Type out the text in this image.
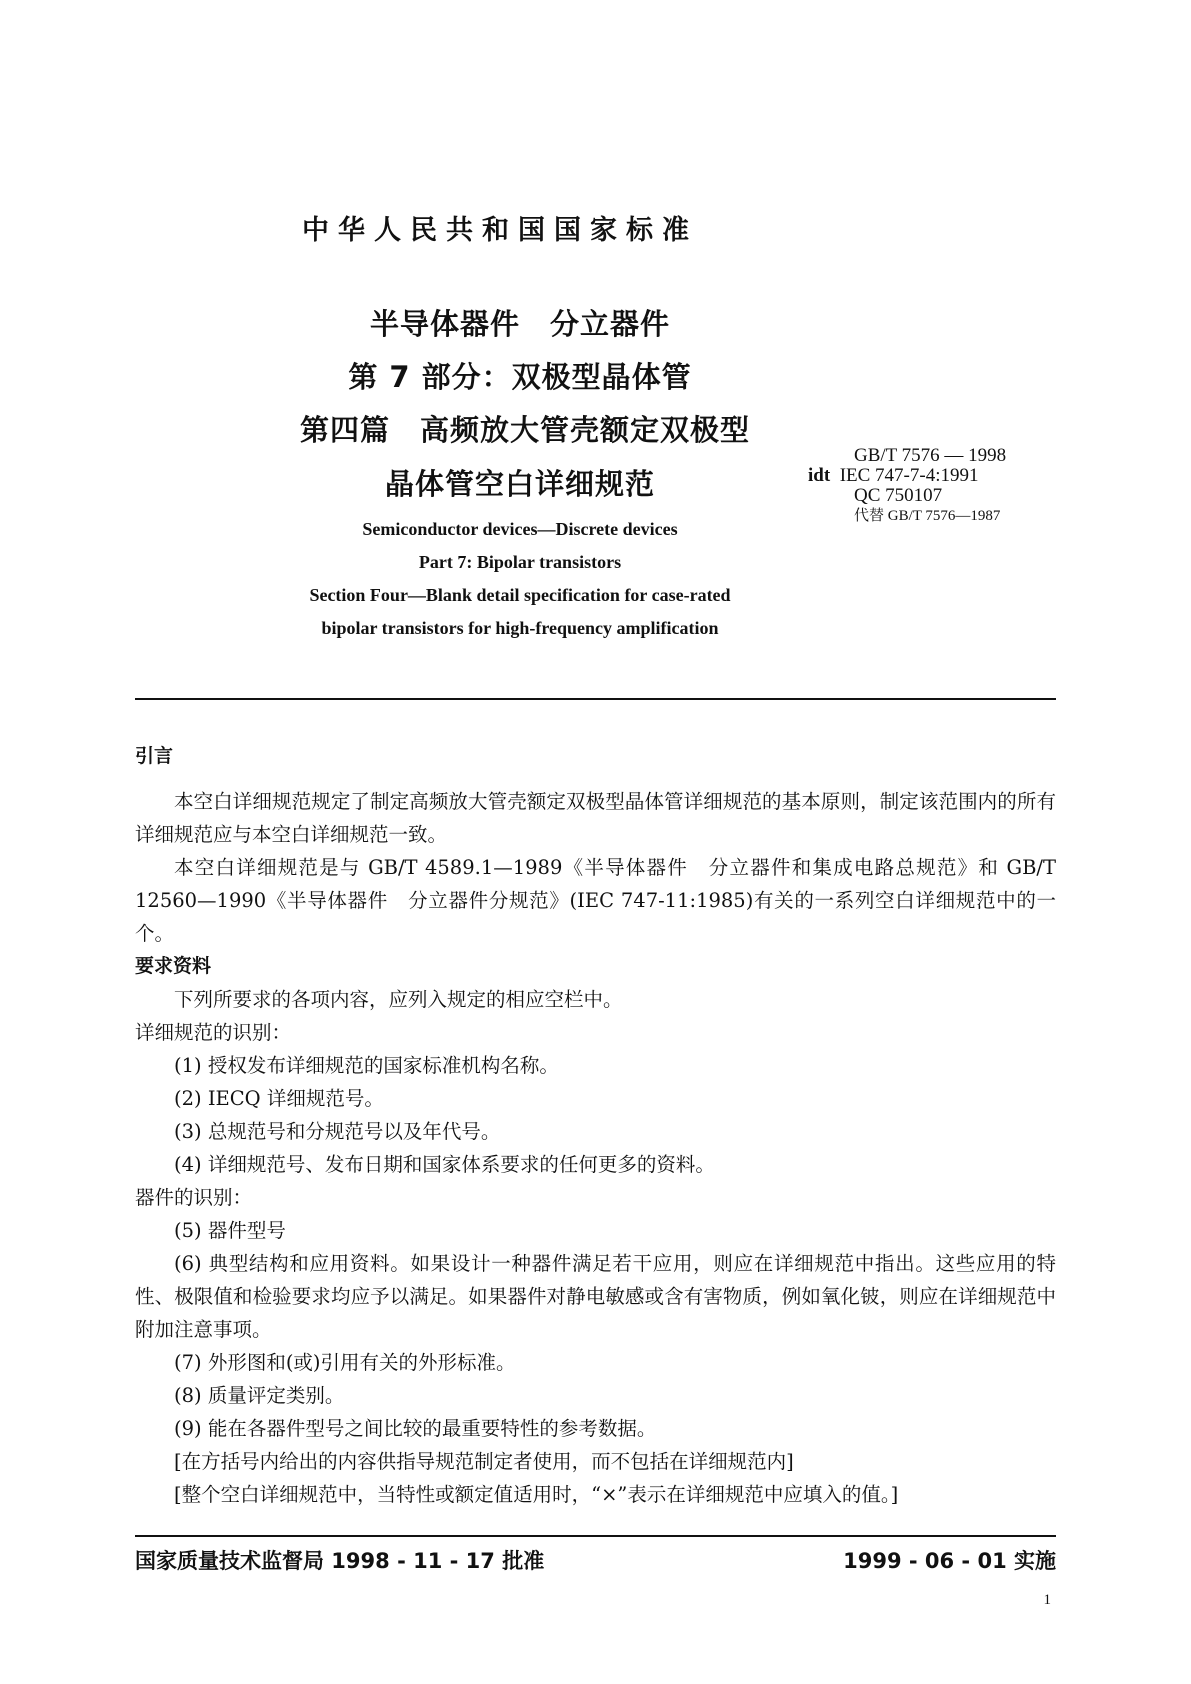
中华人民共和国国家标准
半导体器件　分立器件
第 7 部分：双极型晶体管
第四篇　高频放大管壳额定双极型
晶体管空白详细规范
GB/T 7576 — 1998
idt IEC 747-7-4:1991
QC 750107
代替 GB/T 7576—1987
Semiconductor devices—Discrete devices
Part 7: Bipolar transistors
Section Four—Blank detail specification for case-rated
bipolar transistors for high-frequency amplification

引言

本空白详细规范规定了制定高频放大管壳额定双极型晶体管详细规范的基本原则，制定该范围内的所有详细规范应与本空白详细规范一致。

本空白详细规范是与 GB/T 4589.1—1989《半导体器件　分立器件和集成电路总规范》和 GB/T 12560—1990《半导体器件　分立器件分规范》(IEC 747-11:1985)有关的一系列空白详细规范中的一个。

要求资料

下列所要求的各项内容，应列入规定的相应空栏中。

详细规范的识别：

(1) 授权发布详细规范的国家标准机构名称。

(2) IECQ 详细规范号。

(3) 总规范号和分规范号以及年代号。

(4) 详细规范号、发布日期和国家体系要求的任何更多的资料。

器件的识别：

(5) 器件型号

(6) 典型结构和应用资料。如果设计一种器件满足若干应用，则应在详细规范中指出。这些应用的特性、极限值和检验要求均应予以满足。如果器件对静电敏感或含有害物质，例如氧化铍，则应在详细规范中附加注意事项。

(7) 外形图和(或)引用有关的外形标准。

(8) 质量评定类别。

(9) 能在各器件型号之间比较的最重要特性的参考数据。

[在方括号内给出的内容供指导规范制定者使用，而不包括在详细规范内]

[整个空白详细规范中，当特性或额定值适用时，“×”表示在详细规范中应填入的值。]

国家质量技术监督局 1998 - 11 - 17 批准	1999 - 06 - 01 实施
1
